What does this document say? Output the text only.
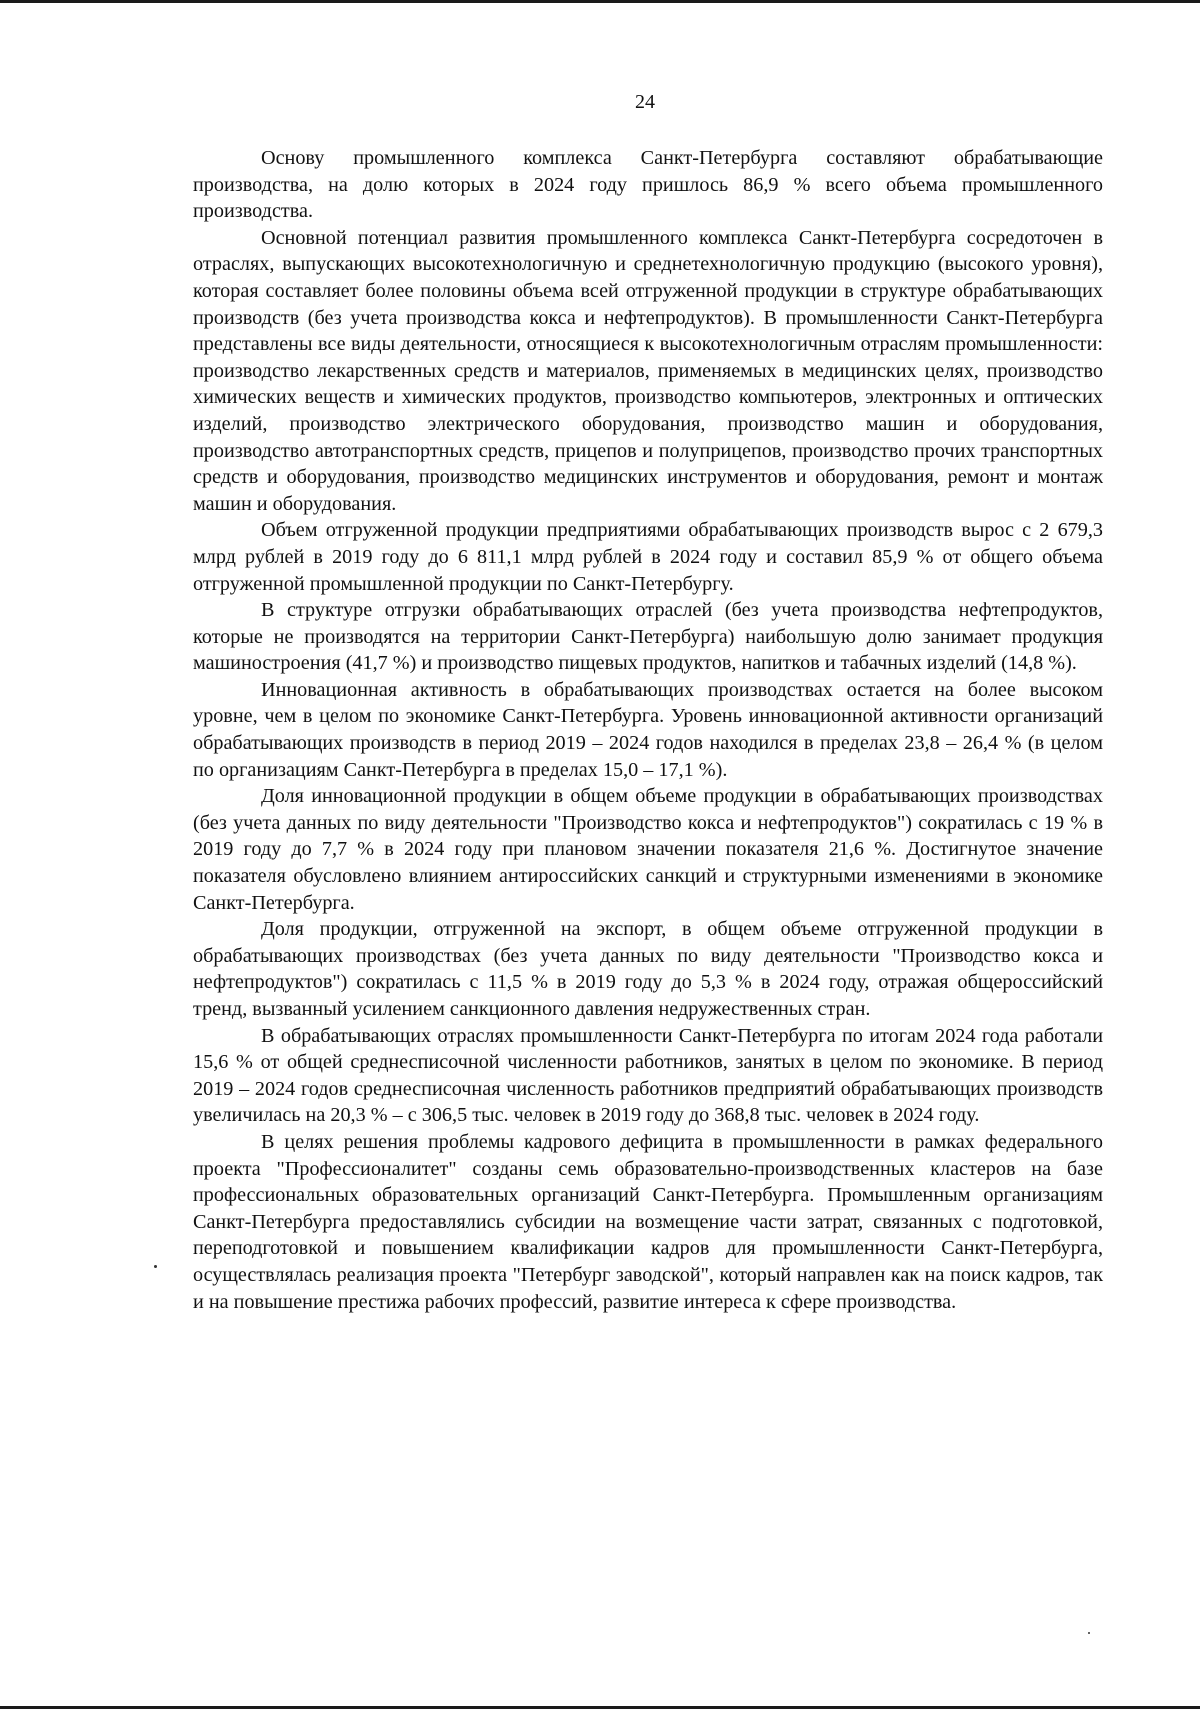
24

Основу промышленного комплекса Санкт-Петербурга составляют обрабатывающие производства, на долю которых в 2024 году пришлось 86,9 % всего объема промышленного производства.

Основной потенциал развития промышленного комплекса Санкт-Петербурга сосредоточен в отраслях, выпускающих высокотехнологичную и среднетехнологичную продукцию (высокого уровня), которая составляет более половины объема всей отгруженной продукции в структуре обрабатывающих производств (без учета производства кокса и нефтепродуктов). В промышленности Санкт-Петербурга представлены все виды деятельности, относящиеся к высокотехнологичным отраслям промышленности: производство лекарственных средств и материалов, применяемых в медицинских целях, производство химических веществ и химических продуктов, производство компьютеров, электронных и оптических изделий, производство электрического оборудования, производство машин и оборудования, производство автотранспортных средств, прицепов и полуприцепов, производство прочих транспортных средств и оборудования, производство медицинских инструментов и оборудования, ремонт и монтаж машин и оборудования.

Объем отгруженной продукции предприятиями обрабатывающих производств вырос с 2 679,3 млрд рублей в 2019 году до 6 811,1 млрд рублей в 2024 году и составил 85,9 % от общего объема отгруженной промышленной продукции по Санкт-Петербургу.

В структуре отгрузки обрабатывающих отраслей (без учета производства нефтепродуктов, которые не производятся на территории Санкт-Петербурга) наибольшую долю занимает продукция машиностроения (41,7 %) и производство пищевых продуктов, напитков и табачных изделий (14,8 %).

Инновационная активность в обрабатывающих производствах остается на более высоком уровне, чем в целом по экономике Санкт-Петербурга. Уровень инновационной активности организаций обрабатывающих производств в период 2019 – 2024 годов находился в пределах 23,8 – 26,4 % (в целом по организациям Санкт-Петербурга в пределах 15,0 – 17,1 %).

Доля инновационной продукции в общем объеме продукции в обрабатывающих производствах (без учета данных по виду деятельности "Производство кокса и нефтепродуктов") сократилась с 19 % в 2019 году до 7,7 % в 2024 году при плановом значении показателя 21,6 %. Достигнутое значение показателя обусловлено влиянием антироссийских санкций и структурными изменениями в экономике Санкт-Петербурга.

Доля продукции, отгруженной на экспорт, в общем объеме отгруженной продукции в обрабатывающих производствах (без учета данных по виду деятельности "Производство кокса и нефтепродуктов") сократилась с 11,5 % в 2019 году до 5,3 % в 2024 году, отражая общероссийский тренд, вызванный усилением санкционного давления недружественных стран.

В обрабатывающих отраслях промышленности Санкт-Петербурга по итогам 2024 года работали 15,6 % от общей среднесписочной численности работников, занятых в целом по экономике. В период 2019 – 2024 годов среднесписочная численность работников предприятий обрабатывающих производств увеличилась на 20,3 % – с 306,5 тыс. человек в 2019 году до 368,8 тыс. человек в 2024 году.

В целях решения проблемы кадрового дефицита в промышленности в рамках федерального проекта "Профессионалитет" созданы семь образовательно-производственных кластеров на базе профессиональных образовательных организаций Санкт-Петербурга. Промышленным организациям Санкт-Петербурга предоставлялись субсидии на возмещение части затрат, связанных с подготовкой, переподготовкой и повышением квалификации кадров для промышленности Санкт-Петербурга, осуществлялась реализация проекта "Петербург заводской", который направлен как на поиск кадров, так и на повышение престижа рабочих профессий, развитие интереса к сфере производства.
